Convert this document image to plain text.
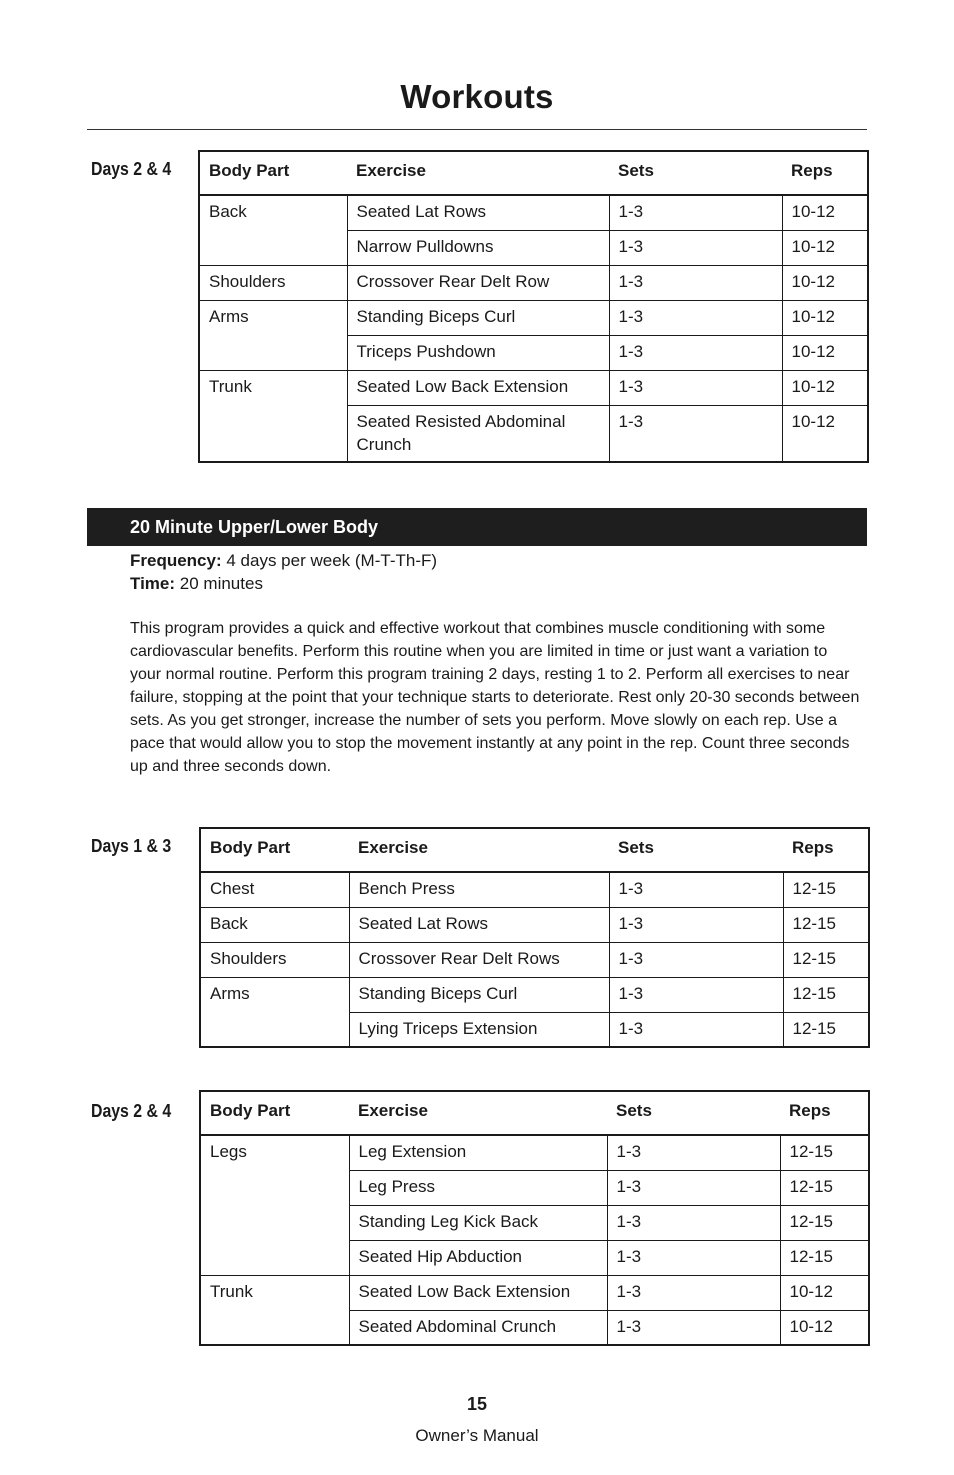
Workouts
Days 2 & 4 Body Part	Exercise	Sets	Reps
Back	Seated Lat Rows	1-3	10-12
	Narrow Pulldowns	1-3	10-12
Shoulders	Crossover Rear Delt Row	1-3	10-12
Arms	Standing Biceps Curl	1-3	10-12
	Triceps Pushdown	1-3	10-12
Trunk	Seated Low Back Extension	1-3	10-12
	Seated Resisted Abdominal Crunch	1-3	10-12
20 Minute Upper/Lower Body
Frequency: 4 days per week (M-T-Th-F)
Time: 20 minutes
This program provides a quick and effective workout that combines muscle conditioning with some cardiovascular benefits. Perform this routine when you are limited in time or just want a variation to your normal routine. Perform this program training 2 days, resting 1 to 2. Perform all exercises to near failure, stopping at the point that your technique starts to deteriorate. Rest only 20-30 seconds between sets. As you get stronger, increase the number of sets you perform. Move slowly on each rep. Use a pace that would allow you to stop the movement instantly at any point in the rep. Count three seconds up and three seconds down.
Days 1 & 3 Body Part	Exercise	Sets	Reps
Chest	Bench Press	1-3	12-15
Back	Seated Lat Rows	1-3	12-15
Shoulders	Crossover Rear Delt Rows	1-3	12-15
Arms	Standing Biceps Curl	1-3	12-15
	Lying Triceps Extension	1-3	12-15
Days 2 & 4 Body Part	Exercise	Sets	Reps
Legs	Leg Extension	1-3	12-15
	Leg Press	1-3	12-15
	Standing Leg Kick Back	1-3	12-15
	Seated Hip Abduction	1-3	12-15
Trunk	Seated Low Back Extension	1-3	10-12
	Seated Abdominal Crunch	1-3	10-12
15
Owner’s Manual
